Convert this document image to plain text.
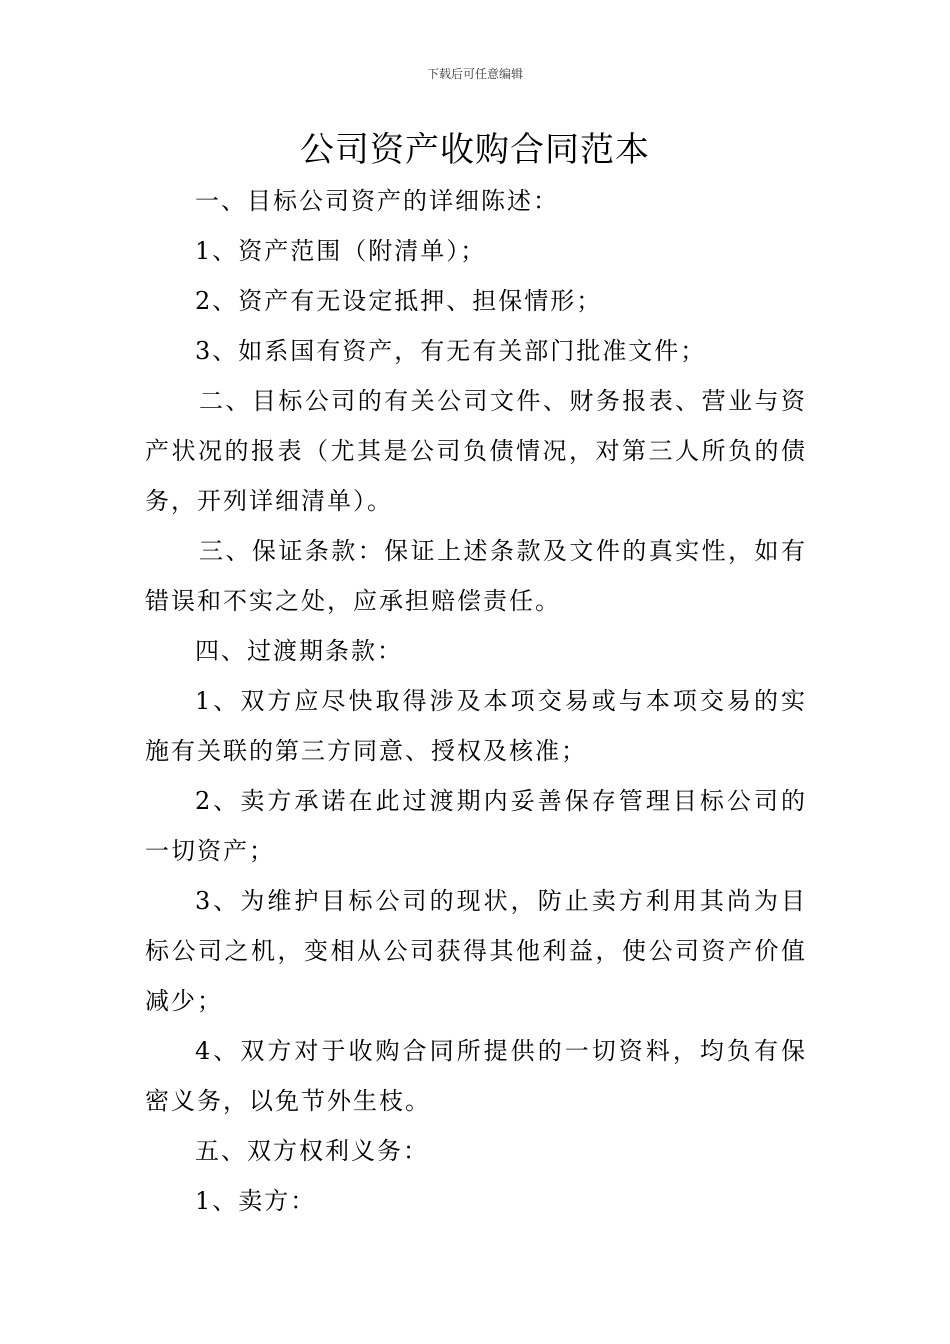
下载后可任意编辑
公司资产收购合同范本

一、目标公司资产的详细陈述：

1、资产范围（附清单）；

2、资产有无设定抵押、担保情形；

3、如系国有资产，有无有关部门批准文件；

二、目标公司的有关公司文件、财务报表、营业与资产状况的报表（尤其是公司负债情况，对第三人所负的债务，开列详细清单）。

三、保证条款：保证上述条款及文件的真实性，如有错误和不实之处，应承担赔偿责任。

四、过渡期条款：

1、双方应尽快取得涉及本项交易或与本项交易的实施有关联的第三方同意、授权及核准；

2、卖方承诺在此过渡期内妥善保存管理目标公司的一切资产；

3、为维护目标公司的现状，防止卖方利用其尚为目标公司之机，变相从公司获得其他利益，使公司资产价值减少；

4、双方对于收购合同所提供的一切资料，均负有保密义务，以免节外生枝。

五、双方权利义务：

1、卖方：
